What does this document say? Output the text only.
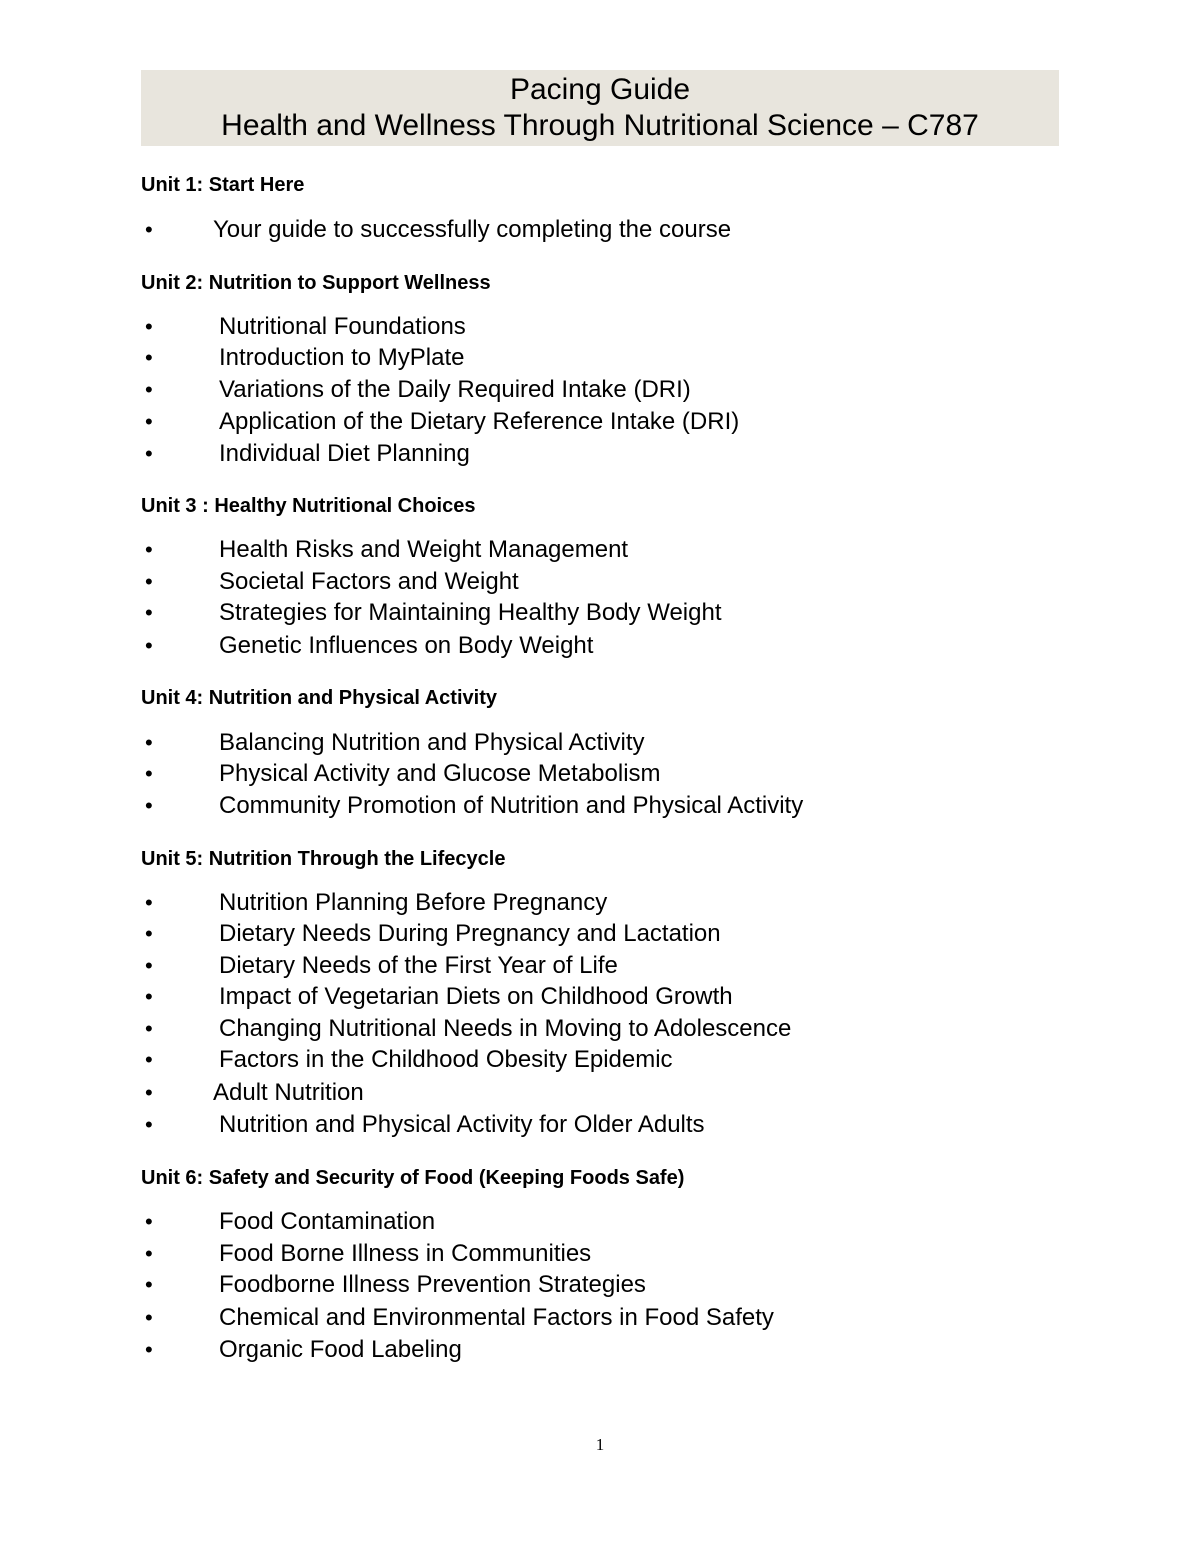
Pacing Guide
Health and Wellness Through Nutritional Science – C787
Unit 1: Start Here
•	Your guide to successfully completing the course
Unit 2: Nutrition to Support Wellness
•	Nutritional Foundations
•	Introduction to MyPlate
•	Variations of the Daily Required Intake (DRI)
•	Application of the Dietary Reference Intake (DRI)
•	Individual Diet Planning
Unit 3 : Healthy Nutritional Choices
•	Health Risks and Weight Management
•	Societal Factors and Weight
•	Strategies for Maintaining Healthy Body Weight
•	Genetic Influences on Body Weight
Unit 4: Nutrition and Physical Activity
•	Balancing Nutrition and Physical Activity
•	Physical Activity and Glucose Metabolism
•	Community Promotion of Nutrition and Physical Activity
Unit 5: Nutrition Through the Lifecycle
•	Nutrition Planning Before Pregnancy
•	Dietary Needs During Pregnancy and Lactation
•	Dietary Needs of the First Year of Life
•	Impact of Vegetarian Diets on Childhood Growth
•	Changing Nutritional Needs in Moving to Adolescence
•	Factors in the Childhood Obesity Epidemic
•	Adult Nutrition
•	Nutrition and Physical Activity for Older Adults
Unit 6: Safety and Security of Food (Keeping Foods Safe)
•	Food Contamination
•	Food Borne Illness in Communities
•	Foodborne Illness Prevention Strategies
•	Chemical and Environmental Factors in Food Safety
•	Organic Food Labeling
1
